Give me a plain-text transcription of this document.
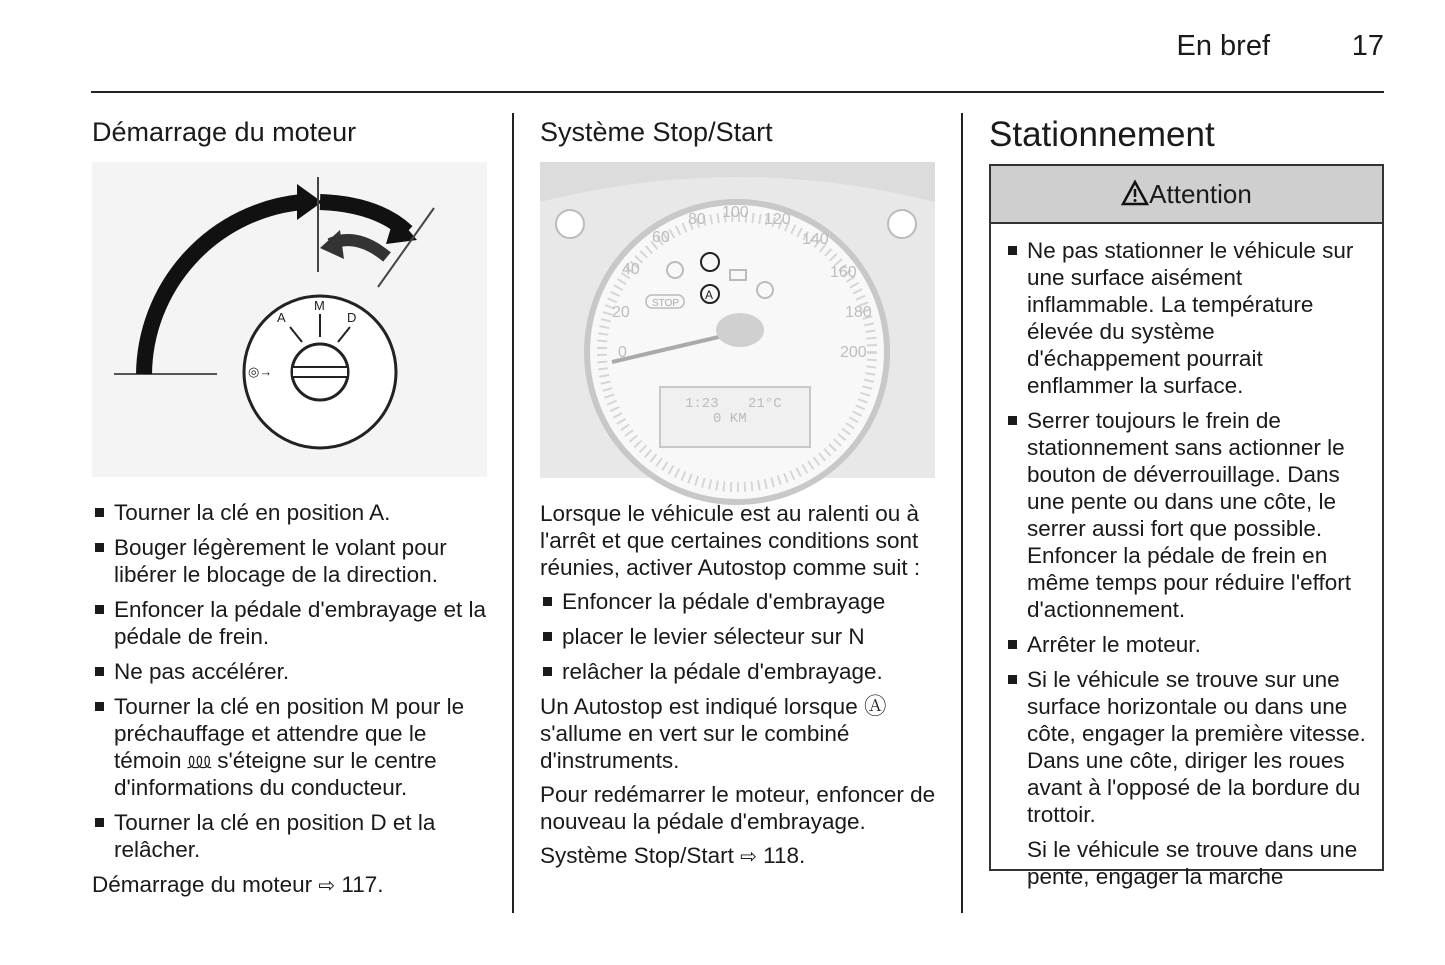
En bref	17
Démarrage du moteur
A
M
D
◎→
Tourner la clé en position A.
Bouger légèrement le volant pour libérer le blocage de la direction.
Enfoncer la pédale d'embrayage et la pédale de frein.
Ne pas accélérer.
Tourner la clé en position M pour le préchauffage et attendre que le témoin ⅏ s'éteigne sur le centre d'informations du conducteur.
Tourner la clé en position D et la relâcher.

Démarrage du moteur ⇨ 117.

Système Stop/Start
0
20
40
60
80 100 120
140
160
180
200
A
STOP
1:23 21°C
0 KM

Lorsque le véhicule est au ralenti ou à l'arrêt et que certaines conditions sont réunies, activer Autostop comme suit :

Enfoncer la pédale d'embrayage
placer le levier sélecteur sur N
relâcher la pédale d'embrayage.

Un Autostop est indiqué lorsque Ⓐ s'allume en vert sur le combiné d'instruments.

Pour redémarrer le moteur, enfoncer de nouveau la pédale d'embrayage.

Système Stop/Start ⇨ 118.

Stationnement
Attention
Ne pas stationner le véhicule sur une surface aisément inflammable. La température élevée du système d'échappement pourrait enflammer la surface.
Serrer toujours le frein de stationnement sans actionner le bouton de déverrouillage. Dans une pente ou dans une côte, le serrer aussi fort que possible. Enfoncer la pédale de frein en même temps pour réduire l'effort d'actionnement.
Arrêter le moteur.
Si le véhicule se trouve sur une surface horizontale ou dans une côte, engager la première vitesse. Dans une côte, diriger les roues avant à l'opposé de la bordure du trottoir.

Si le véhicule se trouve dans une pente, engager la marche
